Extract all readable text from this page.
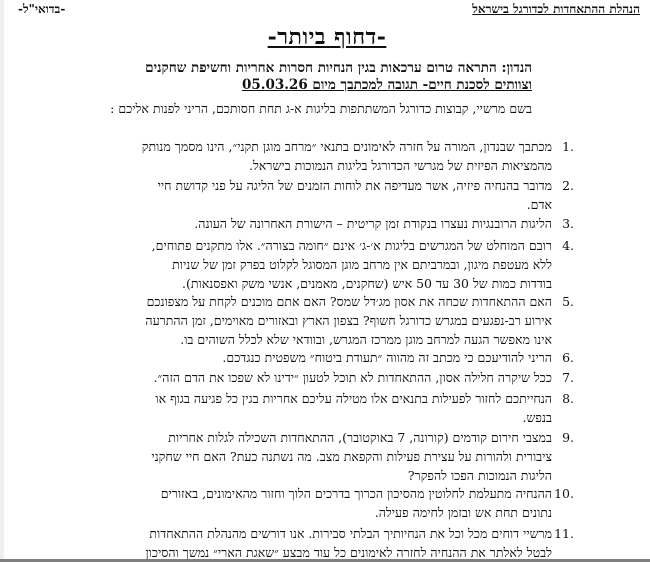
הנהלת ההתאחדות לכדורגל בישראל
-בדואי"ל-
-דחוף ביותר-
הנדון: התראה טרום ערכאות בגין הנחיות חסרות אחריות וחשיפת שחקנים
וצוותים לסכנת חיים- תגובה למכתבך מיום 05.03.26
בשם מרשיי, קבוצות כדורגל המשתתפות בליגות א-ג תחת חסותכם, הריני לפנות אליכם :
1.
מכתבך שבנדון, המורה על חזרה לאימונים בתנאי ״מרחב מוגן תקני״, הינו מסמך מנותק
מהמציאות הפיזית של מגרשי הכדורגל בליגות הנמוכות בישראל.
2.
מדובר בהנחיה פיזיה, אשר מעדיפה את לוחות הזמנים של הליגה על פני קדושת חיי
אדם.
3.
הליגות הרובנגיות נעצרו בנקודת זמן קריטית – הישורת האחרונה של העונה.
4.
רובם המוחלט של המגרשים בליגות א׳-ג׳ אינם ״חומה בצורה״. אלו מתקנים פתוחים,
ללא מעטפת מיגון, ובמרביתם אין מרחב מוגן המסוגל לקלוט בפרק זמן של שניות
בודדות כמות של 30 עד 50 איש (שחקנים, מאמנים, אנשי משק ואפסנאות).
5.
האם ההתאחדות שכחה את אסון מג׳דל שמס? האם אתם מוכנים לקחת על מצפונכם
אירוע רב-נפגעים במגרש כדורגל חשוף? בצפון הארץ ובאזורים מאוימים, זמן ההתרעה
אינו מאפשר הגעה למרחב מוגן ממרכז המגרש, ובוודאי שלא לכלל השוהים בו.
6.
הריני להודיעכם כי מכתב זה מהווה ״תעודת ביטוח״ משפטית כנגדכם.
7.
ככל שיקרה חלילה אסון, ההתאחדות לא תוכל לטעון ״ידינו לא שפכו את הדם הזה״.
8.
הנחייתכם לחזור לפעילות בתנאים אלו מטילה עליכם אחריות בגין כל פגיעה בגוף או
בנפש.
9.
במצבי חירום קודמים (קורונה, 7 באוקטובר), ההתאחדות השכילה לגלות אחריות
ציבורית ולהורות על עצירת פעילות והקפאת מצב. מה נשתנה כעת? האם חיי שחקני
הליגות הנמוכות הפכו להפקר?
10.
ההנחיה מתעלמת לחלוטין מהסיכון הכרוך בדרכים הלוך וחזור מהאימונים, באזורים
נתונים תחת אש ובזמן לחימה פעילה.
11.
מרשיי דוחים מכל וכל את הנחיותיך הבלתי סבירות. אנו דורשים מהנהלת ההתאחדות
לבטל לאלתר את ההנחיה לחזרה לאימונים כל עוד מבצע ״שאגת הארי״ נמשך והסיכון
